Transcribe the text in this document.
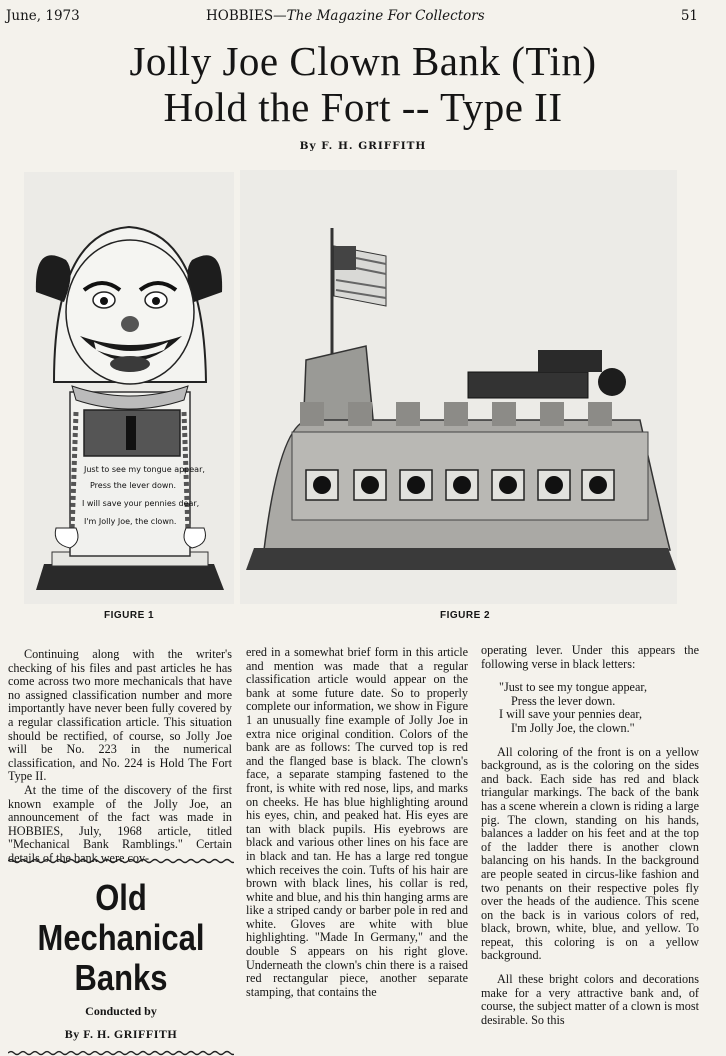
June, 1973	HOBBIES—The Magazine For Collectors	51
Jolly Joe Clown Bank (Tin)
Hold the Fort -- Type II
By F. H. GRIFFITH
Just to see my tongue appear,
Press the lever down.
I will save your pennies dear,
I'm Jolly Joe, the clown.
FIGURE 1	FIGURE 2

Continuing along with the writer's checking of his files and past articles he has come across two more mechanicals that have no assigned classification number and more importantly have never been fully covered by a regular classification article. This situation should be rectified, of course, so Jolly Joe will be No. 223 in the numerical classification, and No. 224 is Hold The Fort Type II.

At the time of the discovery of the first known example of the Jolly Joe, an announcement of the fact was made in HOBBIES, July, 1968 article, titled "Mechanical Bank Ramblings." Certain details of the bank were cov-

Old Mechanical
Banks
Conducted by
By F. H. GRIFFITH

ered in a somewhat brief form in this article and mention was made that a regular classification article would appear on the bank at some future date. So to properly complete our information, we show in Figure 1 an unusually fine example of Jolly Joe in extra nice original condition. Colors of the bank are as follows: The curved top is red and the flanged base is black. The clown's face, a separate stamping fastened to the front, is white with red nose, lips, and marks on cheeks. He has blue highlighting around his eyes, chin, and peaked hat. His eyes are tan with black pupils. His eyebrows are black and various other lines on his face are in black and tan. He has a large red tongue which receives the coin. Tufts of his hair are brown with black lines, his collar is red, white and blue, and his thin hanging arms are like a striped candy or barber pole in red and white. Gloves are white with blue highlighting. "Made In Germany," and the double S appears on his right glove. Underneath the clown's chin there is a raised red rectangular piece, another separate stamping, that contains the

operating lever. Under this appears the following verse in black letters:

"Just to see my tongue appear,
Press the lever down.
I will save your pennies dear,
I'm Jolly Joe, the clown."

All coloring of the front is on a yellow background, as is the coloring on the sides and back. Each side has red and black triangular markings. The back of the bank has a scene wherein a clown is riding a large pig. The clown, standing on his hands, balances a ladder on his feet and at the top of the ladder there is another clown balancing on his hands. In the background are people seated in circus-like fashion and two penants on their respective poles fly over the heads of the audience. This scene on the back is in various colors of red, black, brown, white, blue, and yellow. To repeat, this coloring is on a yellow background.

All these bright colors and decorations make for a very attractive bank and, of course, the subject matter of a clown is most desirable. So this
